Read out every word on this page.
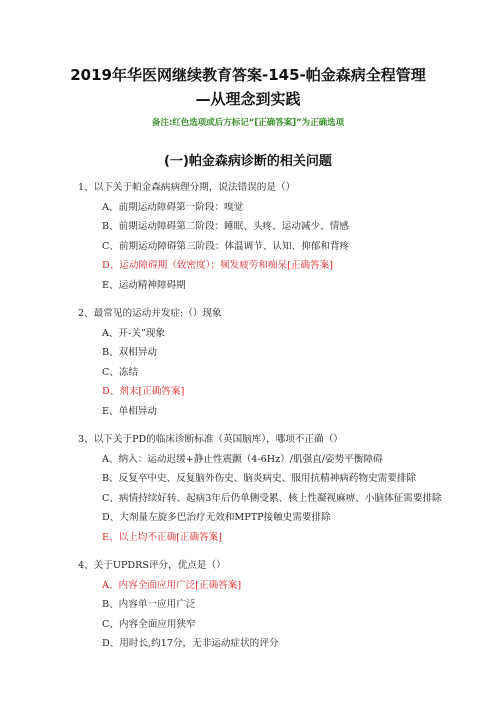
2019年华医网继续教育答案-145-帕金森病全程管理
—从理念到实践
备注:红色选项或后方标记“[正确答案]”为正确选项
(一)帕金森病诊断的相关问题
1、以下关于帕金森病病理分期，说法错误的是（）
A、前期运动障碍第一阶段：嗅觉
B、前期运动障碍第二阶段：睡眠、头疼、运动减少、情感
C、前期运动障碍第三阶段：体温调节、认知、抑郁和背疼
D、运动障碍期（致密度）：频发疲劳和痴呆[正确答案]
E、运动精神障碍期
2、最常见的运动并发症:（）现象
A、开-关”现象
B、双相异动
C、冻结
D、剂末[正确答案]
E、单相异动
3、以下关于PD的临床诊断标准（英国脑库），哪项不正确（）
A、纳入：运动迟缓+静止性震颤（4-6Hz）/肌强直/姿势平衡障碍
B、反复卒中史、反复脑外伤史、脑炎病史、服用抗精神病药物史需要排除
C、病情持续好转、起病3年后仍单侧受累、核上性凝视麻痹、小脑体征需要排除
D、大剂量左旋多巴治疗无效和MPTP接触史需要排除
E、以上均不正确[正确答案]
4、关于UPDRS评分，优点是（）
A、内容全面应用广泛[正确答案]
B、内容单一应用广泛
C、内容全面应用狭窄
D、用时长,约17分，无非运动症状的评分
